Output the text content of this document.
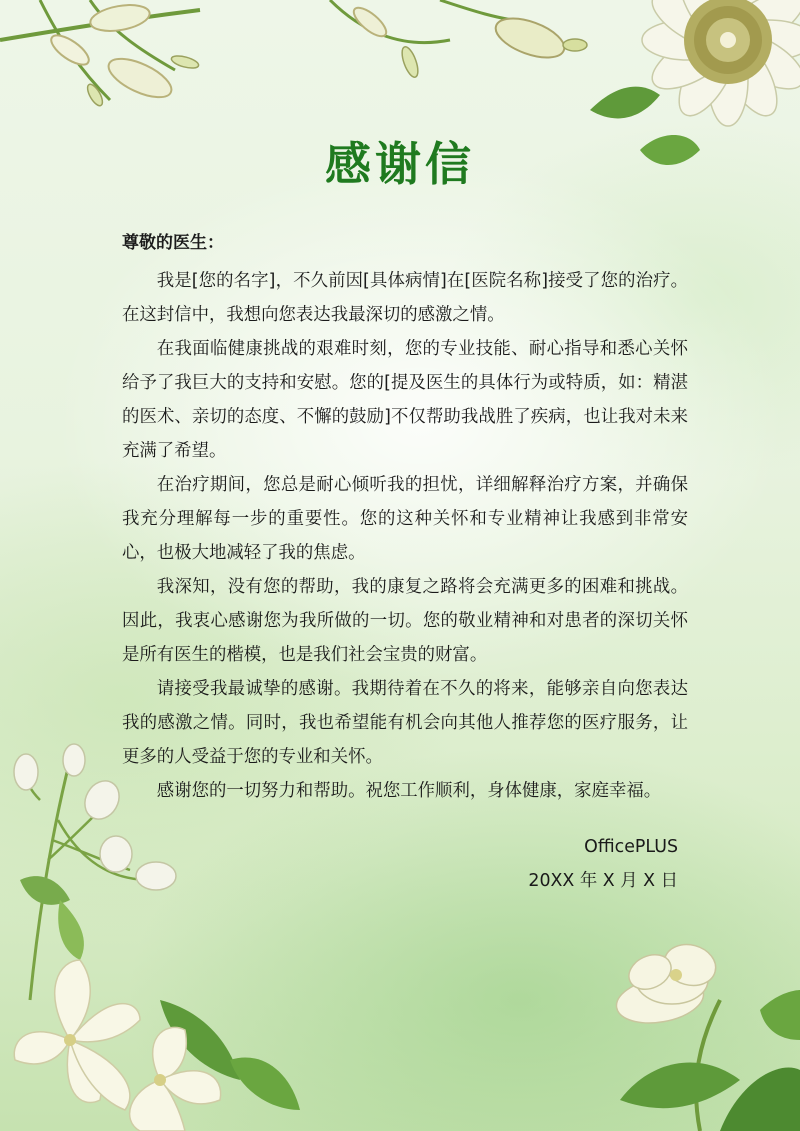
感谢信

尊敬的医生：

我是[您的名字]，不久前因[具体病情]在[医院名称]接受了您的治疗。在这封信中，我想向您表达我最深切的感激之情。

在我面临健康挑战的艰难时刻，您的专业技能、耐心指导和悉心关怀给予了我巨大的支持和安慰。您的[提及医生的具体行为或特质，如：精湛的医术、亲切的态度、不懈的鼓励]不仅帮助我战胜了疾病，也让我对未来充满了希望。

在治疗期间，您总是耐心倾听我的担忧，详细解释治疗方案，并确保我充分理解每一步的重要性。您的这种关怀和专业精神让我感到非常安心，也极大地减轻了我的焦虑。

我深知，没有您的帮助，我的康复之路将会充满更多的困难和挑战。因此，我衷心感谢您为我所做的一切。您的敬业精神和对患者的深切关怀是所有医生的楷模，也是我们社会宝贵的财富。

请接受我最诚挚的感谢。我期待着在不久的将来，能够亲自向您表达我的感激之情。同时，我也希望能有机会向其他人推荐您的医疗服务，让更多的人受益于您的专业和关怀。

感谢您的一切努力和帮助。祝您工作顺利，身体健康，家庭幸福。

OfficePLUS
20XX 年 X 月 X 日
